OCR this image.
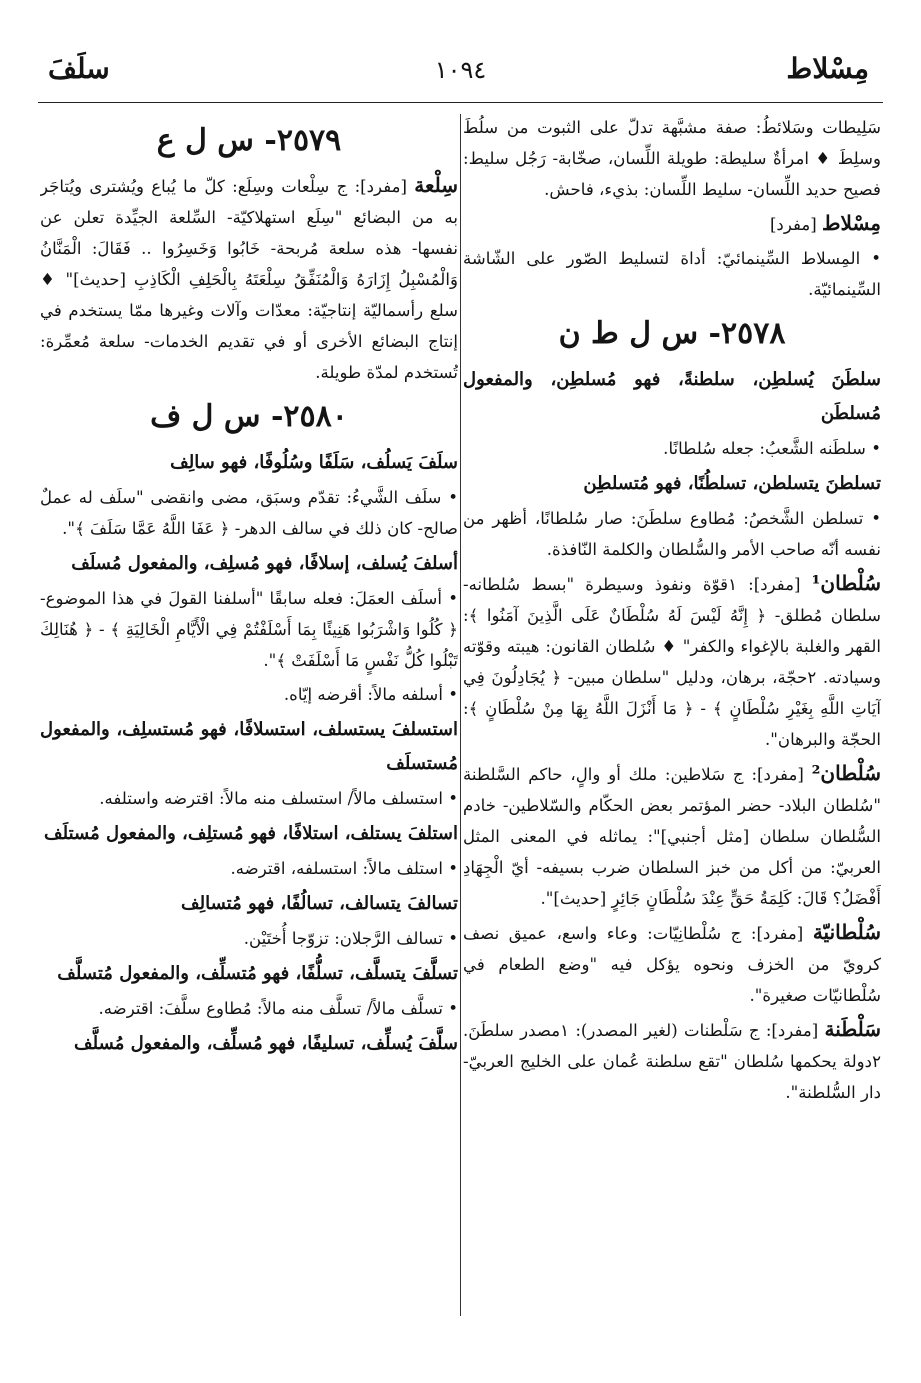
مِسْلاط
١٠٩٤
سلَفَ

سَلِيطات وسَلائطُ: صفة مشبَّهة تدلّ على الثبوت من سلُطَ وسلِطَ ♦ امرأةٌ سليطة: طويلة اللِّسان، صخّابة- رَجُل سليط: فصيح حديد اللِّسان- سليط اللِّسان: بذيء، فاحش.

مِسْلاط [مفرد]

• المِسلاط السِّينمائيّ: أداة لتسليط الصّور على الشّاشة السِّينمائيّة.

٢٥٧٨- س ل ط ن

سلطَنَ يُسلطِن، سلطنةً، فهو مُسلطِن، والمفعول مُسلطَن

• سلطَنه الشَّعبُ: جعله سُلطانًا.

تسلطنَ يتسلطن، تسلطُنًا، فهو مُتسلطِن

• تسلطن الشَّخصُ: مُطاوع سلطَنَ: صار سُلطانًا، أظهر من نفسه أنّه صاحب الأمر والسُّلطان والكلمة النّافذة.

سُلْطان¹ [مفرد]: ١قوّة ونفوذ وسيطرة "بسط سُلطانه- سلطان مُطلق- ﴿ إِنَّهُ لَيْسَ لَهُ سُلْطَانٌ عَلَى الَّذِينَ آمَنُوا ﴾: القهر والغلبة بالإغواء والكفر" ♦ سُلطان القانون: هيبته وقوّته وسيادته. ٢حجّة، برهان، ودليل "سلطان مبين- ﴿ يُجَادِلُونَ فِي آيَاتِ اللَّهِ بِغَيْرِ سُلْطَانٍ ﴾ - ﴿ مَا أَنْزَلَ اللَّهُ بِهَا مِنْ سُلْطَانٍ ﴾: الحجّة والبرهان".

سُلْطان² [مفرد]: ج سَلاطين: ملك أو والٍ، حاكم السَّلطنة "سُلطان البلاد- حضر المؤتمر بعض الحكّام والسّلاطين- خادم السُّلطان سلطان [مثل أجنبي]": يماثله في المعنى المثل العربيّ: من أكل من خبز السلطان ضرب بسيفه- أيّ الْجِهَادِ أَفْضَلُ؟ قَالَ: كَلِمَةُ حَقٍّ عِنْدَ سُلْطَانٍ جَائِرٍ [حديث]".

سُلْطانيّة [مفرد]: ج سُلْطانِيّات: وعاء واسع، عميق نصف كرويّ من الخزف ونحوه يؤكل فيه "وضع الطعام في سُلْطانيّات صغيرة".

سَلْطَنة [مفرد]: ج سَلْطنات (لغير المصدر): ١مصدر سلطَنَ. ٢دولة يحكمها سُلطان "تقع سلطنة عُمان على الخليج العربيّ- دار السُّلطنة".

٢٥٧٩- س ل ع

سِلْعة [مفرد]: ج سِلْعات وسِلَع: كلّ ما يُباع ويُشترى ويُتاجَر به من البضائع "سِلَع استهلاكيّة- السِّلعة الجيِّدة تعلن عن نفسها- هذه سلعة مُربحة- خَابُوا وَخَسِرُوا .. فَقَالَ: الْمَنَّانُ وَالْمُسْبِلُ إِزَارَهُ وَالْمُنَفِّقُ سِلْعَتَهُ بِالْحَلِفِ الْكَاذِبِ [حديث]" ♦ سلع رأسماليّة إنتاجيّة: معدّات وآلات وغيرها ممّا يستخدم في إنتاج البضائع الأخرى أو في تقديم الخدمات- سلعة مُعمِّرة: تُستخدم لمدّة طويلة.

٢٥٨٠- س ل ف

سلَفَ يَسلُف، سَلَفًا وسُلُوفًا، فهو سالِف

• سلَف الشَّيءُ: تقدّم وسبَق، مضى وانقضى "سلَف له عملٌ صالح- كان ذلك في سالف الدهر- ﴿ عَفَا اللَّهُ عَمَّا سَلَفَ ﴾".

أسلفَ يُسلف، إسلافًا، فهو مُسلِف، والمفعول مُسلَف

• أسلَف العمَلَ: فعله سابقًا "أسلفنا القولَ في هذا الموضوع- ﴿ كُلُوا وَاشْرَبُوا هَنِيئًا بِمَا أَسْلَفْتُمْ فِي الْأَيَّامِ الْخَالِيَةِ ﴾ - ﴿ هُنَالِكَ تَبْلُوا كُلُّ نَفْسٍ مَا أَسْلَفَتْ ﴾".

• أسلفه مالاً: أقرضه إيّاه.

استسلفَ يستسلف، استسلافًا، فهو مُستسلِف، والمفعول مُستسلَف

• استسلف مالاً/ استسلف منه مالاً: اقترضه واستلفه.

استلفَ يستلف، استلافًا، فهو مُستلِف، والمفعول مُستلَف

• استلف مالاً: استسلفه، اقترضه.

تسالفَ يتسالف، تسالُفًا، فهو مُتسالِف

• تسالف الرَّجلان: تزوّجا أُختَيْن.

تسلَّفَ يتسلَّف، تسلُّفًا، فهو مُتسلِّف، والمفعول مُتسلَّف

• تسلَّف مالاً/ تسلَّف منه مالاً: مُطاوع سلَّفَ: اقترضه.

سلَّفَ يُسلِّف، تسليفًا، فهو مُسلِّف، والمفعول مُسلَّف
